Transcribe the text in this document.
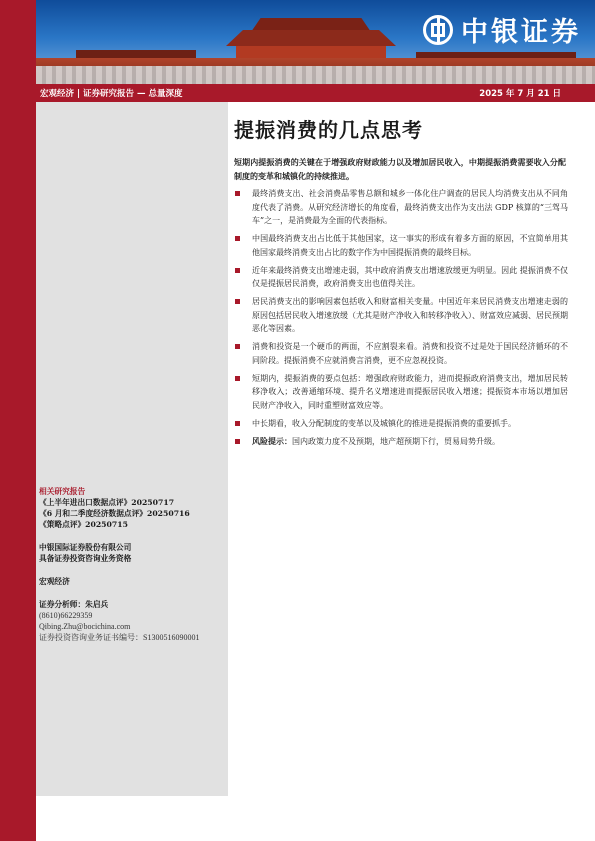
中银证券
宏观经济 | 证券研究报告 — 总量深度	2025 年 7 月 21 日
提振消费的几点思考

短期内提振消费的关键在于增强政府财政能力以及增加居民收入，中期提振消费需要收入分配制度的变革和城镇化的持续推进。

最终消费支出、社会消费品零售总额和城乡一体化住户调查的居民人均消费支出从不同角度代表了消费。从研究经济增长的角度看，最终消费支出作为支出法 GDP 核算的“三驾马车”之一，是消费最为全面的代表指标。
中国最终消费支出占比低于其他国家，这一事实的形成有着多方面的原因，不宜简单用其他国家最终消费支出占比的数字作为中国提振消费的最终目标。
近年来最终消费支出增速走弱，其中政府消费支出增速放缓更为明显。因此 提振消费不仅仅是提振居民消费，政府消费支出也值得关注。
居民消费支出的影响因素包括收入和财富相关变量。中国近年来居民消费支出增速走弱的原因包括居民收入增速放缓（尤其是财产净收入和转移净收入）、财富效应减弱、居民预期恶化等因素。
消费和投资是一个硬币的两面，不应割裂来看。消费和投资不过是处于国民经济循环的不同阶段。提振消费不应就消费言消费，更不应忽视投资。
短期内，提振消费的要点包括：增强政府财政能力，进而提振政府消费支出，增加居民转移净收入；改善通缩环境、提升名义增速进而提振居民收入增速；提振资本市场以增加居民财产净收入，同时重塑财富效应等。
中长期看，收入分配制度的变革以及城镇化的推进是提振消费的重要抓手。
风险提示：国内政策力度不及预期，地产超预期下行，贸易局势升级。
相关研究报告
《上半年进出口数据点评》20250717
《6 月和二季度经济数据点评》20250716
《策略点评》20250715
中银国际证券股份有限公司
具备证券投资咨询业务资格
宏观经济
证券分析师：朱启兵
(8610)66229359
Qibing.Zhu@bocichina.com
证券投资咨询业务证书编号：S1300516090001
